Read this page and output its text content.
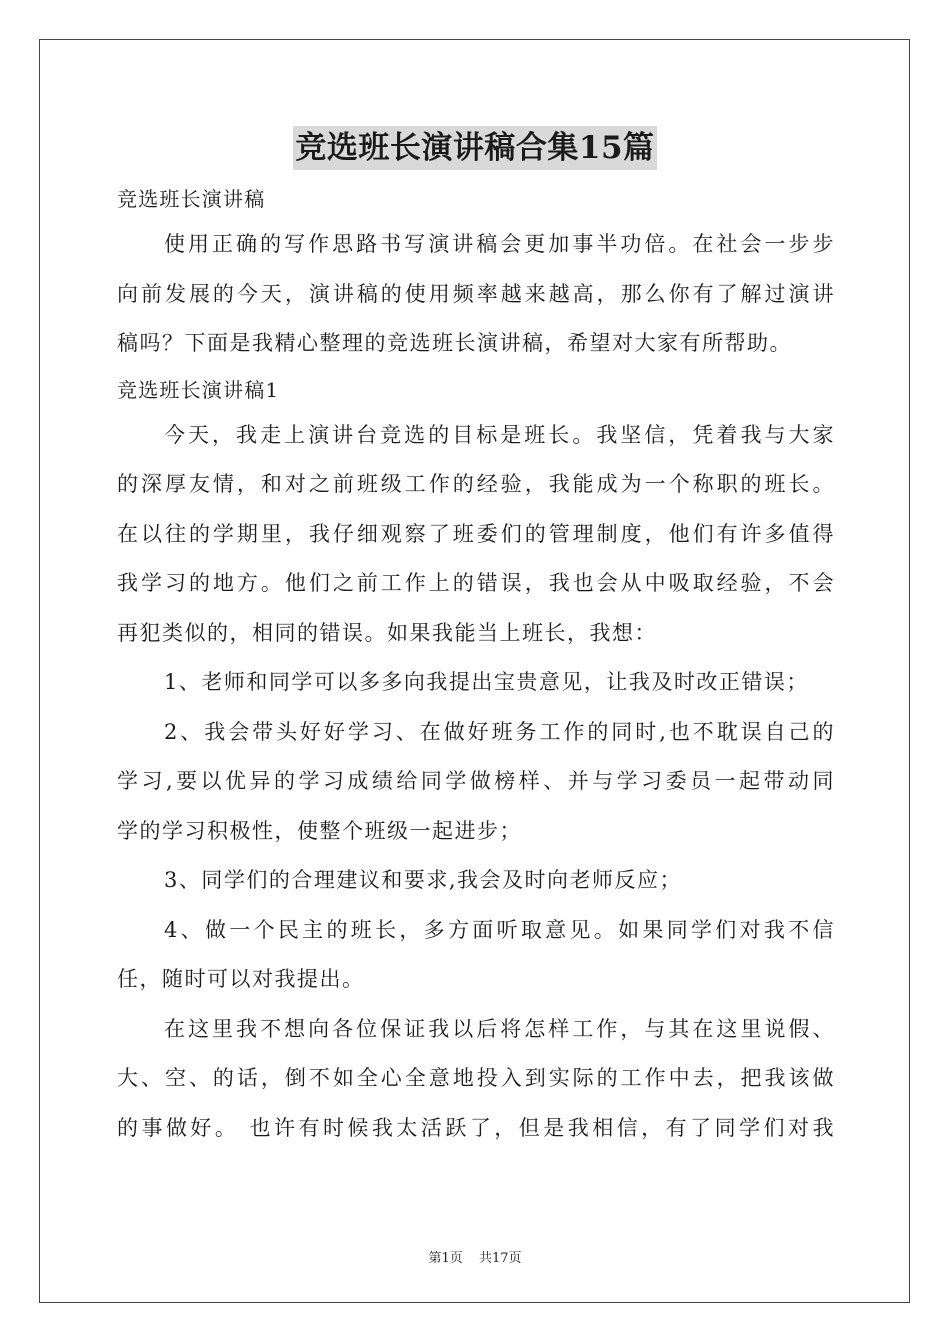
竞选班长演讲稿合集15篇
竞选班长演讲稿
使用正确的写作思路书写演讲稿会更加事半功倍。在社会一步步
向前发展的今天，演讲稿的使用频率越来越高，那么你有了解过演讲
稿吗？下面是我精心整理的竞选班长演讲稿，希望对大家有所帮助。
竞选班长演讲稿1
今天，我走上演讲台竞选的目标是班长。我坚信，凭着我与大家
的深厚友情，和对之前班级工作的经验，我能成为一个称职的班长。
在以往的学期里，我仔细观察了班委们的管理制度，他们有许多值得
我学习的地方。他们之前工作上的错误，我也会从中吸取经验，不会
再犯类似的，相同的错误。如果我能当上班长，我想：
1、老师和同学可以多多向我提出宝贵意见，让我及时改正错误；
2、我会带头好好学习、在做好班务工作的同时,也不耽误自己的
学习,要以优异的学习成绩给同学做榜样、并与学习委员一起带动同
学的学习积极性，使整个班级一起进步；
3、同学们的合理建议和要求,我会及时向老师反应；
4、做一个民主的班长，多方面听取意见。如果同学们对我不信
任，随时可以对我提出。
在这里我不想向各位保证我以后将怎样工作，与其在这里说假、
大、空、的话，倒不如全心全意地投入到实际的工作中去，把我该做
的事做好。 也许有时候我太活跃了，但是我相信，有了同学们对我
第1页 共17页
